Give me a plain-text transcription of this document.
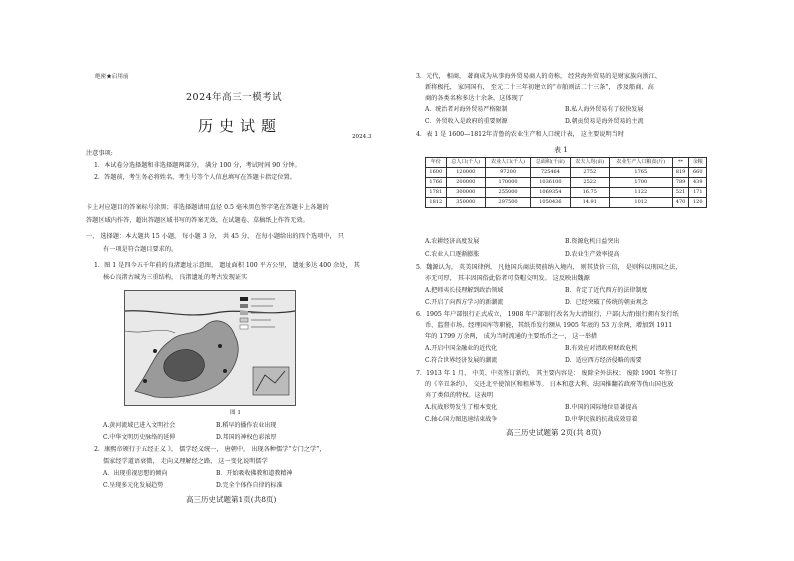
绝密★启用前
2024年高三一模考试
历史试题
2024.3
注意事项:
1．本试卷分选择题和非选择题两部分， 满分 100 分，考试时间 90 分钟。
2．答题前，考生务必将姓名、考生号等个人信息填写在答题卡指定位置。
卡上对应题目的答案标号涂黑；非选择题请用直径 0.5 毫米黑色签字笔在答题卡上各题的
答题区域内作答，超出答题区域书写的答案无效，在试题卷、草稿纸上作答无效。
一、 选择题：本大题共 15 小题， 每小题 3 分， 共 45 分， 在每小题给出的四个选项中， 只
有一项是符合题目要求的。
1．图 1 是四今五千年前的良渚遗址示意图， 遗址面积 100 平方公里， 遗址多达 400 余处， 其
核心良渚古城为三重结构， 良渚遗址的考古发现证实
图 1
A.黄河流域已进入文明社会	B.稻早的播作农业出现
C.中华文明历史脉络的延伸	D.邦国的神权色彩浓厚
2．康熙帝颁行于五经正义 》， 儒学经义统一， 唐朝中， 出现各种儒学“专门之学”，
儒家经学道语衰微， 走向义理解经之路， 这一变化说明儒学
A．出现重视思想的倾向	B．开始吸收佛教和道教精神
C.呈现多元化发展趋势	D.完全个体作自律的标准
高三历史试题第1页(共8页)
3．元代， 相商， 著商成为从事海外贸易商人的奇称， 经营海外贸易的是财家族向浙江、
新将极托， 家同国有， 至元二十三年初建立的“市舶则法二十三条”， 涉及船商、高
商的各类名称多达十余条，这体现了
A．统治者对海外贸易严格限制	B.私人海外贸易有了较快发展
C．外贸收入是政府的重要财源	D.朝贡贸易是海外贸易的主流
4．表 1 是 1600—1812年青鲁的农业生产和人口统计表， 这主要说明当时
表 1
年份	总人口(千人)	农业人口(千人)	总面积(千亩)	农夫人均(亩)	农业生产人口粮食(斤)	**	余粮
1600	120000	97200	725464	2752	1765	819	660
1766	200000	170000	1036100	2522	1700	789	439
1781	300000	255000	1069354	16.75	1122	521	171
1812	350000	297500	1050436	14.91	1012	470	120
A.农耕经济高度发展	B.资源危机日益突出
C.农业人口逐渐膨胀	D.农业生产效率提高
5．魏源认为， 英美国律例， 凡他国兵商法契前纳入境内， 则其货价三倍， 是则科以刑国之法，
亦无可厚， 其丰因国俗此俗者可贷帽交明发。 这反映出魏源
A.把师夷长技理解到政治领域	B．肯定了近代西方的法律制度
C.开启了向西方学习的新潮流	D．已经突破了传统的朝贡观念
6．1905 年户部银行正式成立， 1908 年户部银行改名为大清银行，户部(大清)银行拥有发行纸
币、监督市场、经理国库等职能，其纸币发行额从 1905 年底的 53 万余两，增加到 1911
年的 1799 万余两， 成为当时流通的主要纸币之一， 这一举措
A.开启中国金融业的近代化	B.有效应对清政府财政危机
C.符合世界经济发展的潮流	D．适应西方经济侵略的需要
7．1913 年 1 月， 中美、中英签订新约， 其主要内容是： 废除全外法权； 废除 1901 年签订
的《辛丑条约》， 交还北平使馆区和租界等。 日本和意大利、法国推翻若政府等伪山国也放
弃了类似的特权。这表明
A.抗战形势发生了根本变化	B.中国的国际地位显著提高
C.轴心国力图迅速结束战争	D.中华民族的抗战成效显着
高三历史试题第 2页(共 8页)
